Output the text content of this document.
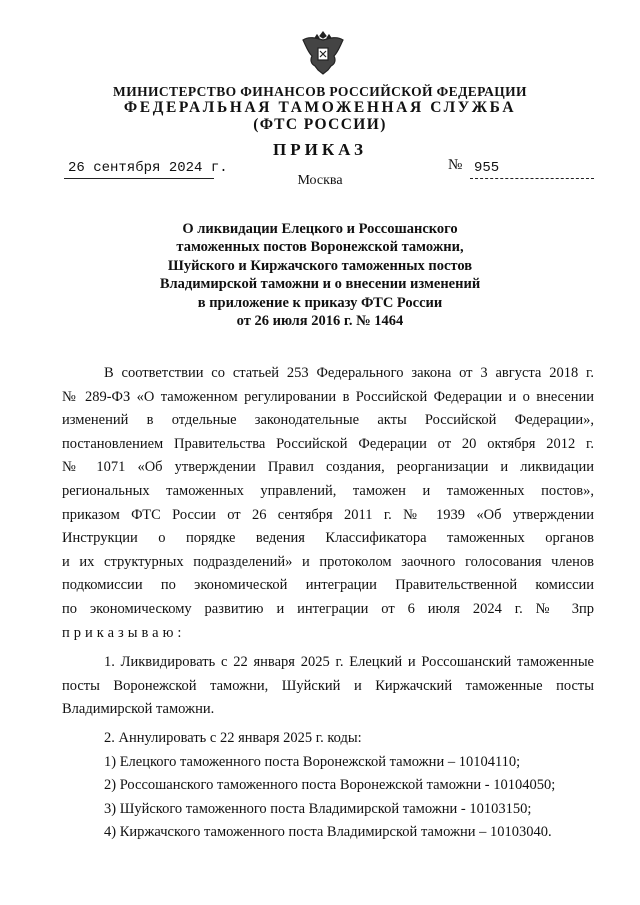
МИНИСТЕРСТВО ФИНАНСОВ РОССИЙСКОЙ ФЕДЕРАЦИИ
ФЕДЕРАЛЬНАЯ ТАМОЖЕННАЯ СЛУЖБА
(ФТС РОССИИ)
ПРИКАЗ
26 сентября 2024 г.	№ 955
Москва
О ликвидации Елецкого и Россошанского
таможенных постов Воронежской таможни,
Шуйского и Киржачского таможенных постов
Владимирской таможни и о внесении изменений
в приложение к приказу ФТС России
от 26 июля 2016 г. № 1464
В соответствии со статьей 253 Федерального закона от 3 августа 2018 г.
№ 289-ФЗ «О таможенном регулировании в Российской Федерации и о внесении
изменений в отдельные законодательные акты Российской Федерации»,
постановлением Правительства Российской Федерации от 20 октября 2012 г.
№ 1071 «Об утверждении Правил создания, реорганизации и ликвидации
региональных таможенных управлений, таможен и таможенных постов»,
приказом ФТС России от 26 сентября 2011 г. № 1939 «Об утверждении
Инструкции о порядке ведения Классификатора таможенных органов
и их структурных подразделений» и протоколом заочного голосования членов
подкомиссии по экономической интеграции Правительственной комиссии
по экономическому развитию и интеграции от 6 июля 2024 г. № 3пр
приказываю:
1. Ликвидировать с 22 января 2025 г. Елецкий и Россошанский таможенные
посты Воронежской таможни, Шуйский и Киржачский таможенные посты
Владимирской таможни.
2. Аннулировать с 22 января 2025 г. коды:
1) Елецкого таможенного поста Воронежской таможни – 10104110;
2) Россошанского таможенного поста Воронежской таможни - 10104050;
3) Шуйского таможенного поста Владимирской таможни - 10103150;
4) Киржачского таможенного поста Владимирской таможни – 10103040.
